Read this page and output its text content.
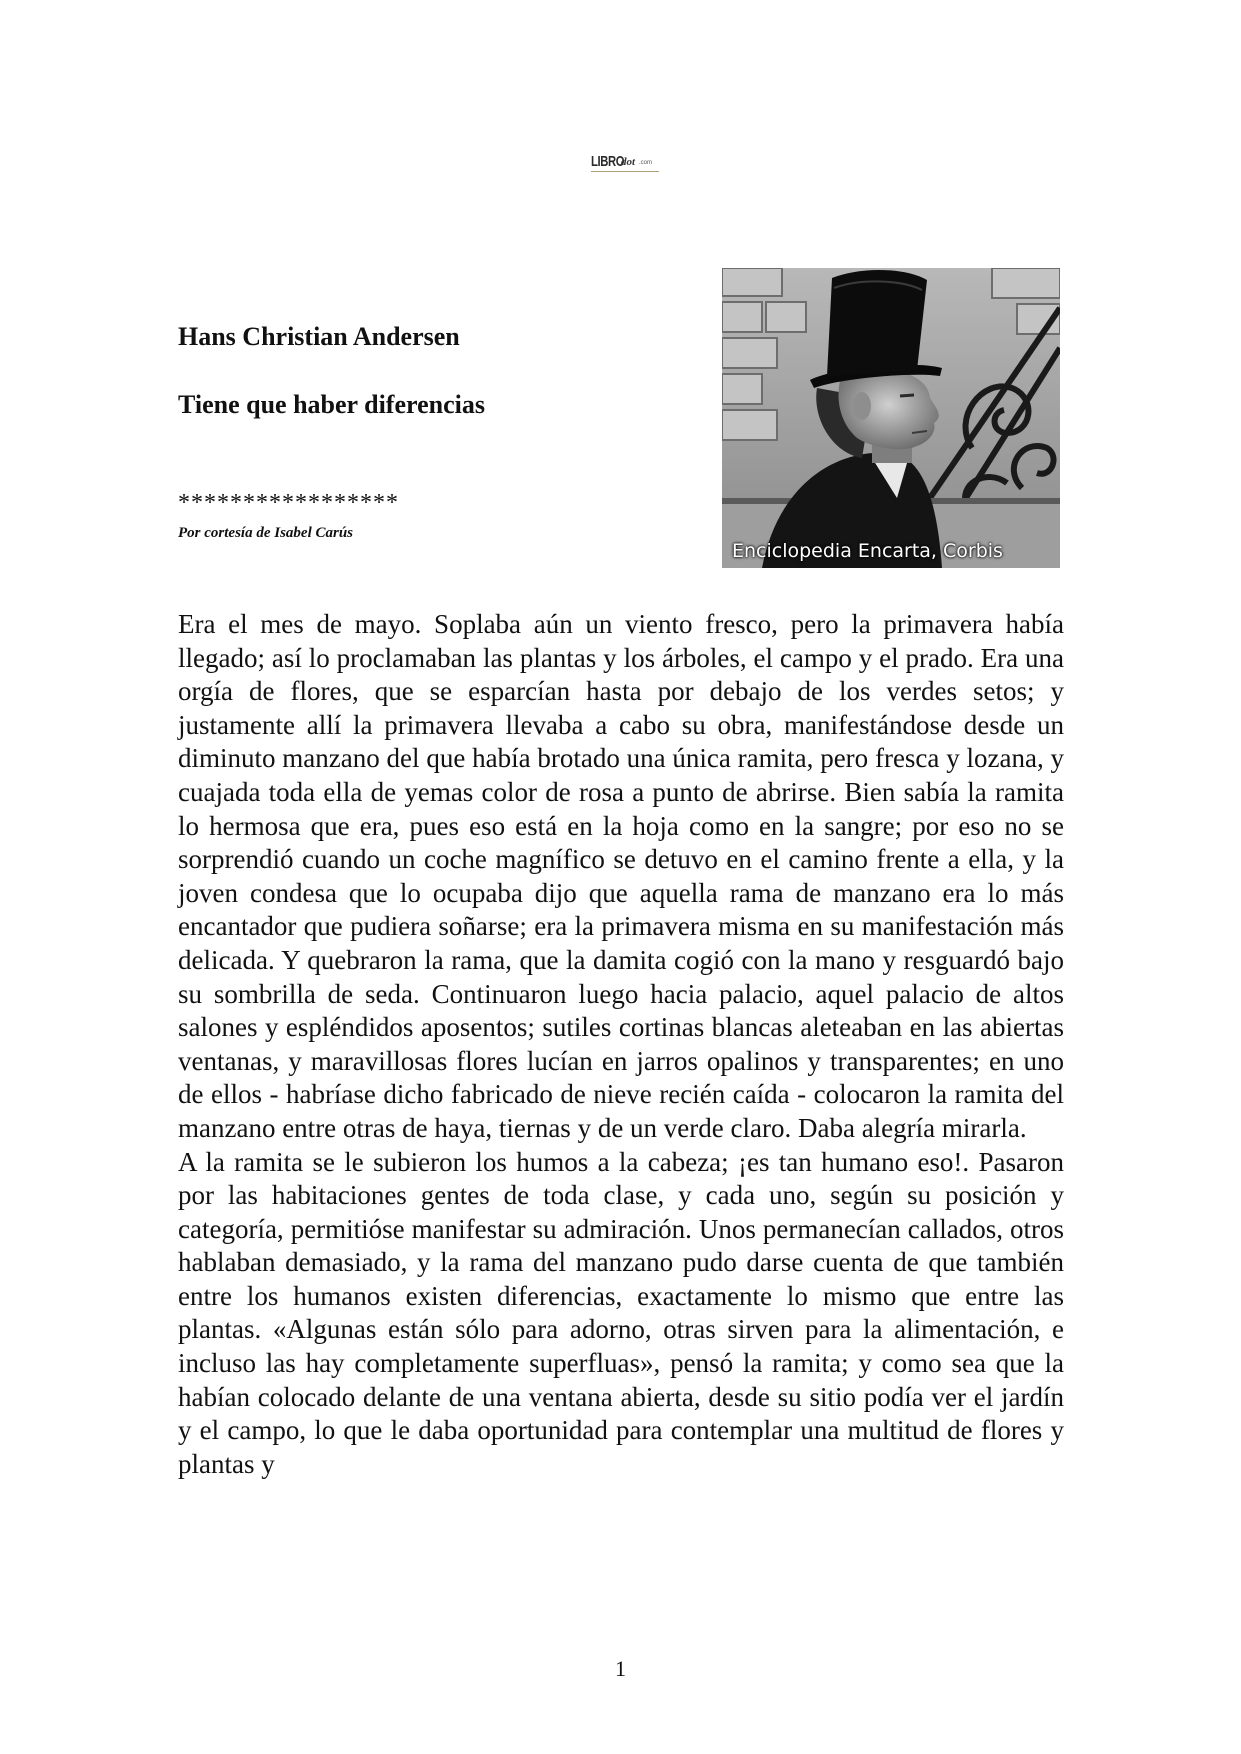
LIBRO
dot .com
Hans Christian Andersen
Tiene que haber diferencias
*****************
Por cortesía de Isabel Carús
Enciclopedia Encarta, Corbis

Era el mes de mayo. Soplaba aún un viento fresco, pero la primavera había llegado; así lo proclamaban las plantas y los árboles, el campo y el prado. Era una orgía de flores, que se esparcían hasta por debajo de los verdes setos; y justamente allí la primavera llevaba a cabo su obra, manifestándose desde un diminuto manzano del que había brotado una única ramita, pero fresca y lozana, y cuajada toda ella de yemas color de rosa a punto de abrirse. Bien sabía la ramita lo hermosa que era, pues eso está en la hoja como en la sangre; por eso no se sorprendió cuando un coche magnífico se detuvo en el camino frente a ella, y la joven condesa que lo ocupaba dijo que aquella rama de manzano era lo más encantador que pudiera soñarse; era la primavera misma en su manifestación más delicada. Y quebraron la rama, que la damita cogió con la mano y resguardó bajo su sombrilla de seda. Continuaron luego hacia palacio, aquel palacio de altos salones y espléndidos aposentos; sutiles cortinas blancas aleteaban en las abiertas ventanas, y maravillosas flores lucían en jarros opalinos y transparentes; en uno de ellos - habríase dicho fabricado de nieve recién caída - colocaron la ramita del manzano entre otras de haya, tiernas y de un verde claro. Daba alegría mirarla.

A la ramita se le subieron los humos a la cabeza; ¡es tan humano eso!. Pasaron por las habitaciones gentes de toda clase, y cada uno, según su posición y categoría, permitióse manifestar su admiración. Unos permanecían callados, otros hablaban demasiado, y la rama del manzano pudo darse cuenta de que también entre los humanos existen diferencias, exactamente lo mismo que entre las plantas. «Algunas están sólo para adorno, otras sirven para la alimentación, e incluso las hay completamente superfluas», pensó la ramita; y como sea que la habían colocado delante de una ventana abierta, desde su sitio podía ver el jardín y el campo, lo que le daba oportunidad para contemplar una multitud de flores y plantas y

1
